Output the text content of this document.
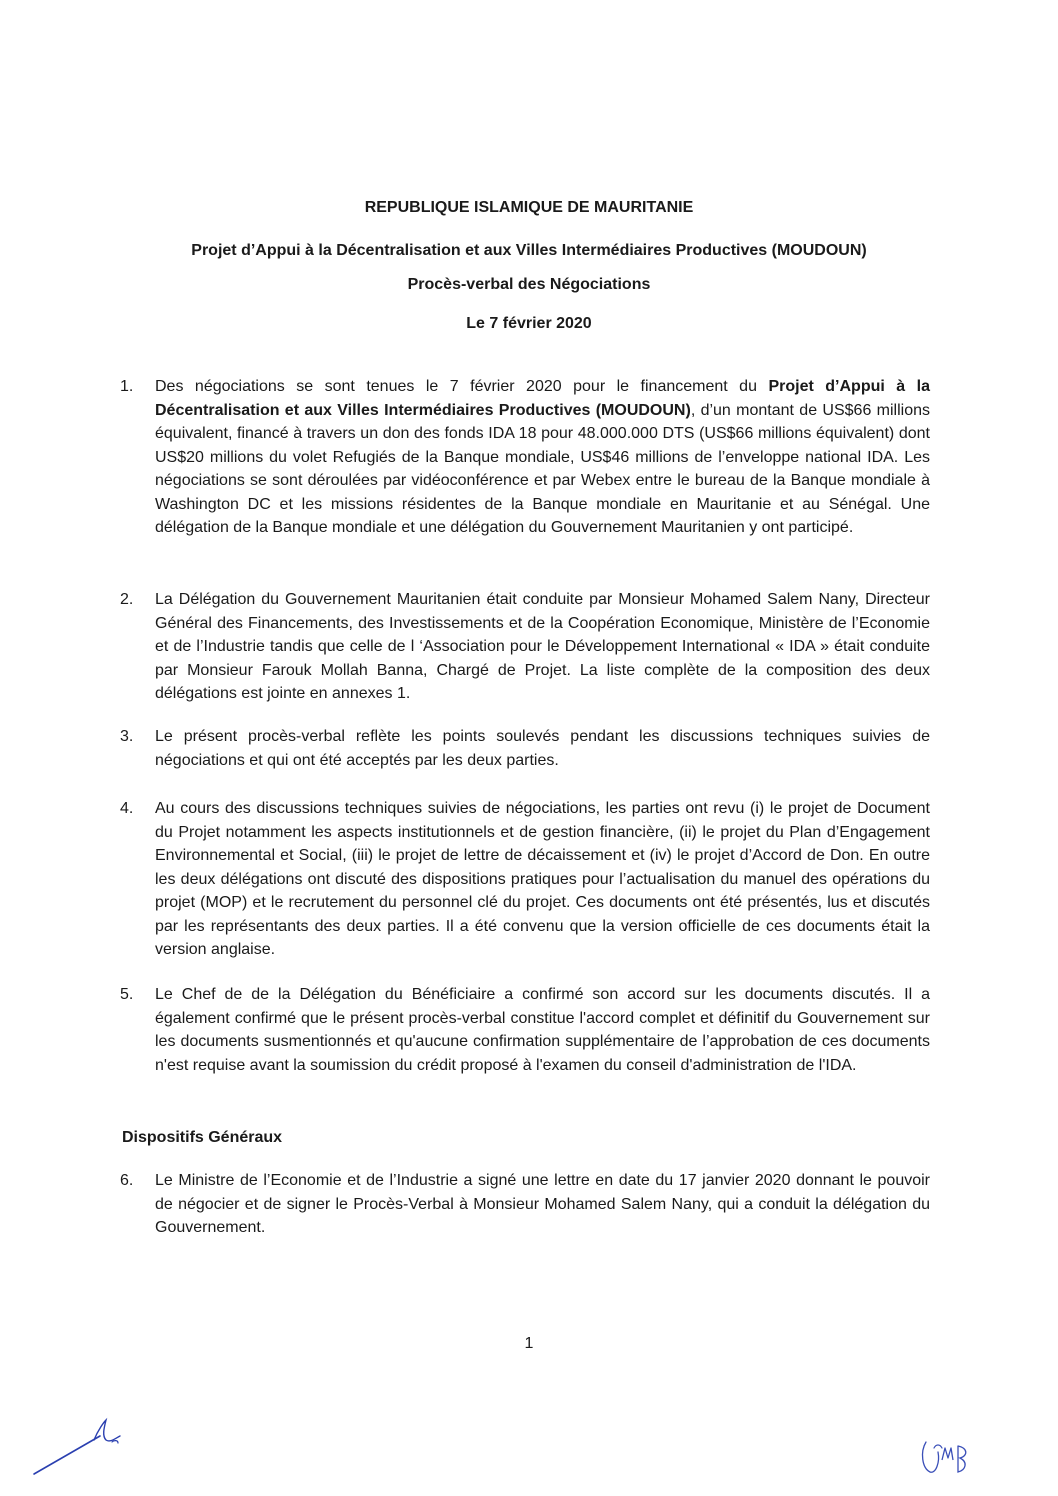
REPUBLIQUE ISLAMIQUE DE MAURITANIE
Projet d’Appui à la Décentralisation et aux Villes Intermédiaires Productives (MOUDOUN)
Procès-verbal des Négociations
Le 7 février 2020
1. Des négociations se sont tenues le 7 février 2020 pour le financement du Projet d’Appui à la Décentralisation et aux Villes Intermédiaires Productives (MOUDOUN), d’un montant de US$66 millions équivalent, financé à travers un don des fonds IDA 18 pour 48.000.000 DTS (US$66 millions équivalent) dont US$20 millions du volet Refugiés de la Banque mondiale, US$46 millions de l’enveloppe national IDA. Les négociations se sont déroulées par vidéoconférence et par Webex entre le bureau de la Banque mondiale à Washington DC et les missions résidentes de la Banque mondiale en Mauritanie et au Sénégal. Une délégation de la Banque mondiale et une délégation du Gouvernement Mauritanien y ont participé.
2. La Délégation du Gouvernement Mauritanien était conduite par Monsieur Mohamed Salem Nany, Directeur Général des Financements, des Investissements et de la Coopération Economique, Ministère de l’Economie et de l’Industrie tandis que celle de l ‘Association pour le Développement International « IDA » était conduite par Monsieur Farouk Mollah Banna, Chargé de Projet. La liste complète de la composition des deux délégations est jointe en annexes 1.
3. Le présent procès-verbal reflète les points soulevés pendant les discussions techniques suivies de négociations et qui ont été acceptés par les deux parties.
4. Au cours des discussions techniques suivies de négociations, les parties ont revu (i) le projet de Document du Projet notamment les aspects institutionnels et de gestion financière, (ii) le projet du Plan d’Engagement Environnemental et Social, (iii) le projet de lettre de décaissement et (iv) le projet d’Accord de Don. En outre les deux délégations ont discuté des dispositions pratiques pour l’actualisation du manuel des opérations du projet (MOP) et le recrutement du personnel clé du projet. Ces documents ont été présentés, lus et discutés par les représentants des deux parties. Il a été convenu que la version officielle de ces documents était la version anglaise.
5. Le Chef de de la Délégation du Bénéficiaire a confirmé son accord sur les documents discutés. Il a également confirmé que le présent procès-verbal constitue l'accord complet et définitif du Gouvernement sur les documents susmentionnés et qu'aucune confirmation supplémentaire de l’approbation de ces documents n'est requise avant la soumission du crédit proposé à l'examen du conseil d'administration de l'IDA.
Dispositifs Généraux
6. Le Ministre de l’Economie et de l’Industrie a signé une lettre en date du 17 janvier 2020 donnant le pouvoir de négocier et de signer le Procès-Verbal à Monsieur Mohamed Salem Nany, qui a conduit la délégation du Gouvernement.
1
